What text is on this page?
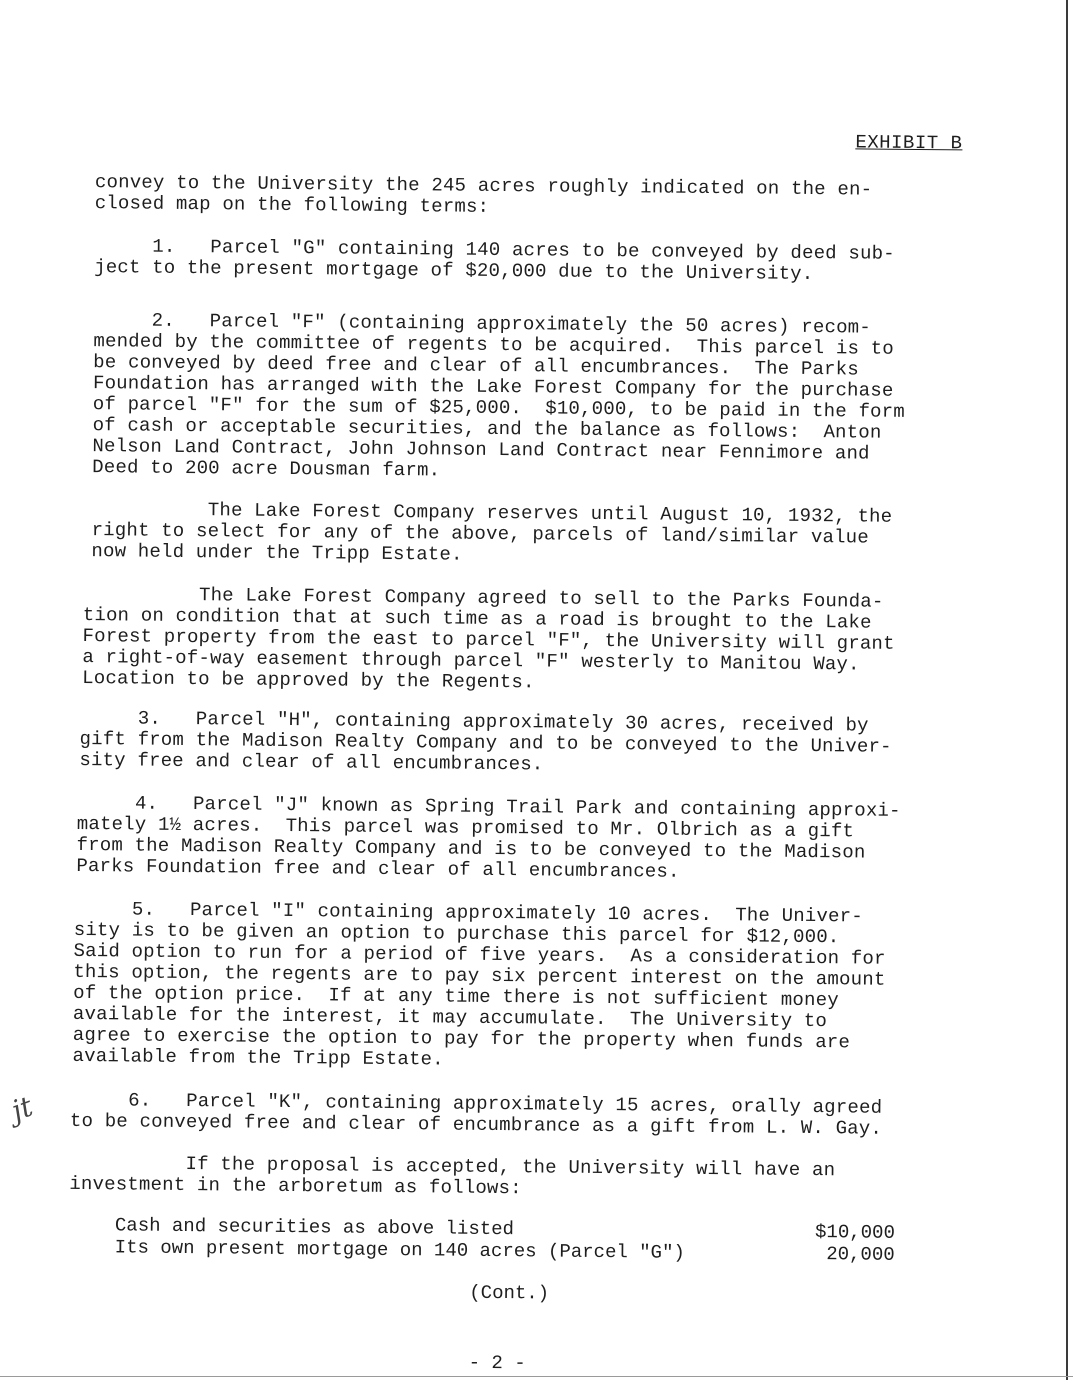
EXHIBIT B
convey to the University the 245 acres roughly indicated on the en-
closed map on the following terms:
1.   Parcel "G" containing 140 acres to be conveyed by deed sub-
ject to the present mortgage of $20,000 due to the University.
2.   Parcel "F" (containing approximately the 50 acres) recom-
mended by the committee of regents to be acquired.  This parcel is to
be conveyed by deed free and clear of all encumbrances.  The Parks
Foundation has arranged with the Lake Forest Company for the purchase
of parcel "F" for the sum of $25,000.  $10,000, to be paid in the form
of cash or acceptable securities, and the balance as follows:  Anton
Nelson Land Contract, John Johnson Land Contract near Fennimore and
Deed to 200 acre Dousman farm.
The Lake Forest Company reserves until August 10, 1932, the
right to select for any of the above, parcels of land/similar value
now held under the Tripp Estate.
The Lake Forest Company agreed to sell to the Parks Founda-
tion on condition that at such time as a road is brought to the Lake
Forest property from the east to parcel "F", the University will grant
a right-of-way easement through parcel "F" westerly to Manitou Way.
Location to be approved by the Regents.
3.   Parcel "H", containing approximately 30 acres, received by
gift from the Madison Realty Company and to be conveyed to the Univer-
sity free and clear of all encumbrances.
4.   Parcel "J" known as Spring Trail Park and containing approxi-
mately 1½ acres.  This parcel was promised to Mr. Olbrich as a gift
from the Madison Realty Company and is to be conveyed to the Madison
Parks Foundation free and clear of all encumbrances.
5.   Parcel "I" containing approximately 10 acres.  The Univer-
sity is to be given an option to purchase this parcel for $12,000.
Said option to run for a period of five years.  As a consideration for
this option, the regents are to pay six percent interest on the amount
of the option price.  If at any time there is not sufficient money
available for the interest, it may accumulate.  The University to
agree to exercise the option to pay for the property when funds are
available from the Tripp Estate.
6.   Parcel "K", containing approximately 15 acres, orally agreed
to be conveyed free and clear of encumbrance as a gift from L. W. Gay.
If the proposal is accepted, the University will have an
investment in the arboretum as follows:
Cash and securities as above listed	$10,000
Its own present mortgage on 140 acres (Parcel "G")	20,000
(Cont.)
- 2 -
jt
